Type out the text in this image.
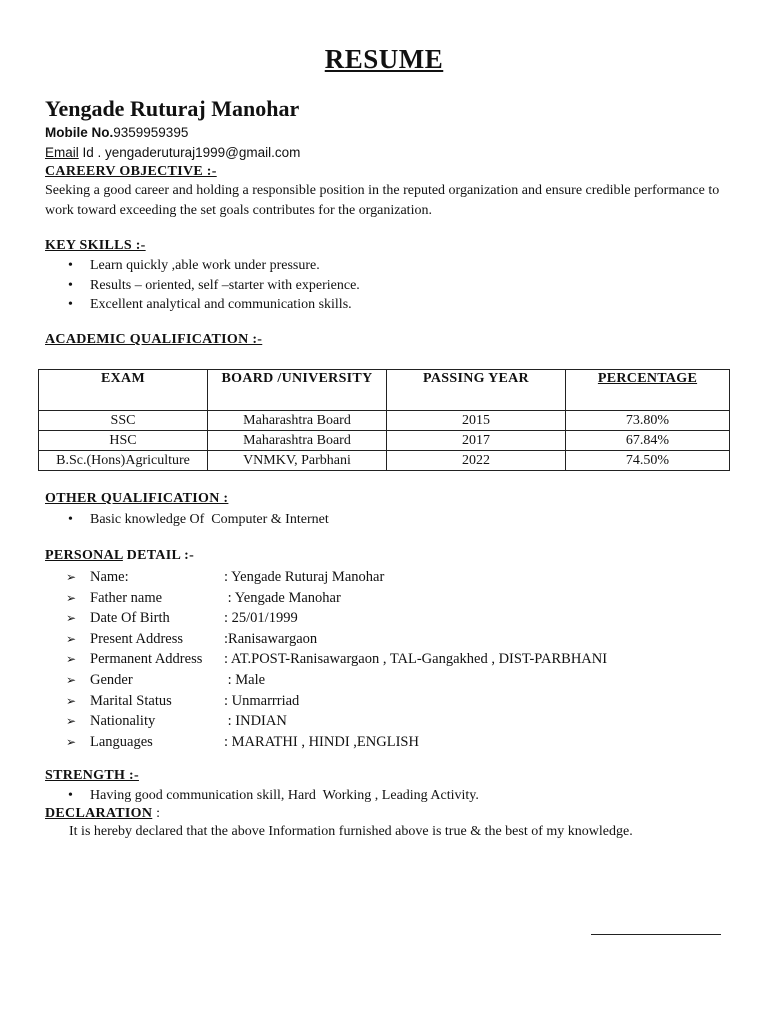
RESUME
Yengade Ruturaj Manohar
Mobile No.9359959395
Email Id . yengaderuturaj1999@gmail.com
CAREERV OBJECTIVE :-
Seeking a good career and holding a responsible position in the reputed organization and ensure credible performance to work toward exceeding the set goals contributes for the organization.
KEY SKILLS :-
• Learn quickly ,able work under pressure.
• Results – oriented, self –starter with experience.
• Excellent analytical and communication skills.
ACADEMIC QUALIFICATION :-
EXAM	BOARD /UNIVERSITY	PASSING YEAR	PERCENTAGE
SSC	Maharashtra Board	2015	73.80%
HSC	Maharashtra Board	2017	67.84%
B.Sc.(Hons)Agriculture	VNMKV, Parbhani	2022	74.50%
OTHER QUALIFICATION :
• Basic knowledge Of  Computer & Internet
PERSONAL DETAIL :-
➢ Name:	: Yengade Ruturaj Manohar
➢ Father name	: Yengade Manohar
➢ Date Of Birth	: 25/01/1999
➢ Present Address	:Ranisawargaon
➢ Permanent Address : AT.POST-Ranisawargaon , TAL-Gangakhed , DIST-PARBHANI
➢ Gender	: Male
➢ Marital Status	: Unmarrriad
➢ Nationality	: INDIAN
➢ Languages	: MARATHI , HINDI ,ENGLISH
STRENGTH :-
• Having good communication skill, Hard  Working , Leading Activity.
DECLARATION :
It is hereby declared that the above Information furnished above is true & the best of my knowledge.
